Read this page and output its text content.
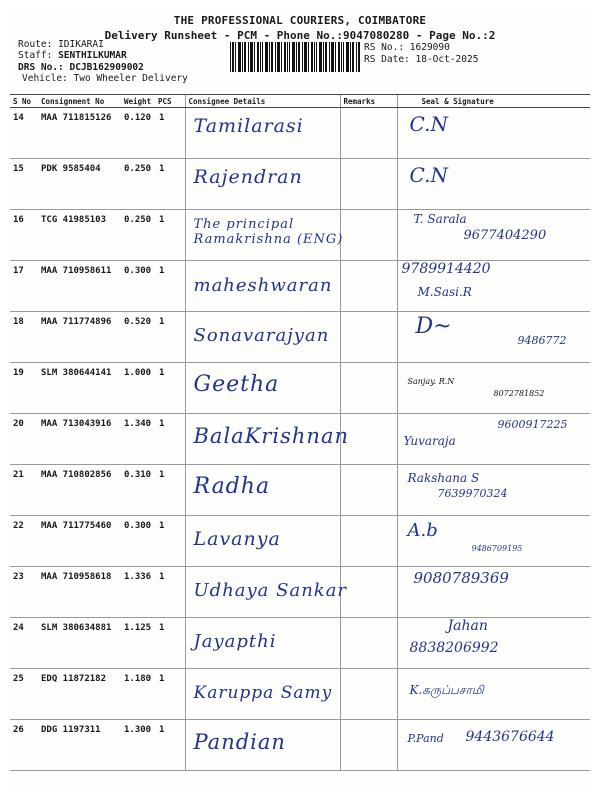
THE PROFESSIONAL COURIERS, COIMBATORE
Delivery Runsheet - PCM - Phone No.:9047080280 - Page No.:2
Route: IDIKARAI
Staff: SENTHILKUMAR
DRS No.: DCJB162909002
Vehicle: Two Wheeler Delivery
RS No.: 1629090
RS Date: 18-Oct-2025
S No	Consignment No	Weight	PCS	Consignee Details	Remarks	Seal & Signature
14	MAA 711815126	0.120	1	Tamilarasi		C.N

15	PDK 9585404	0.250	1	Rajendran		C.N

16	TCG 41985103	0.250	1	The principal Ramakrishna (ENG)		T. Sarala
9677404290

17	MAA 710958611	0.300	1	maheshwaran		9789914420
M.Sasi.R

18	MAA 711774896	0.520	1	Sonavarajyan		D~
9486772

19	SLM 380644141	1.000	1	Geetha		Sanjay. R.N
8072781852

20	MAA 713043916	1.340	1	BalaKrishnan		Yuvaraja
9600917225

21	MAA 710802856	0.310	1	Radha		Rakshana S
7639970324

22	MAA 711775460	0.300	1	Lavanya		A.b
9486709195

23	MAA 710958618	1.336	1	Udhaya Sankar		9080789369

24	SLM 380634881	1.125	1	Jayapthi		Jahan
8838206992

25	EDQ 11872182	1.180	1	Karuppa Samy		K.கருப்பசாமி

26	DDG 1197311	1.300	1	Pandian		P.Pand 9443676644
